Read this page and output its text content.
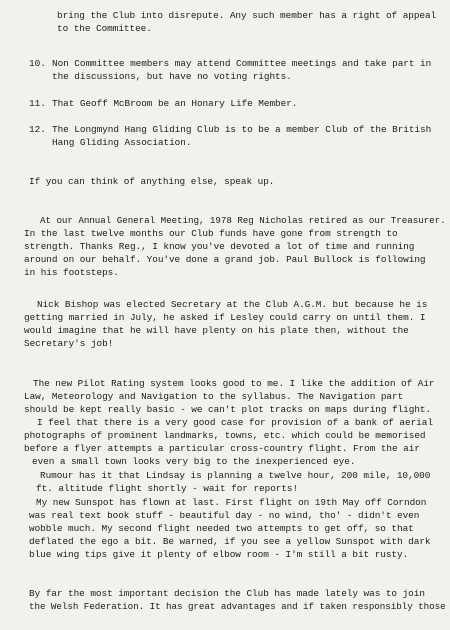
bring the Club into disrepute. Any such member has a right of appeal
to the Committee.
10. Non Committee members may attend Committee meetings and take part in
the discussions, but have no voting rights.
11. That Geoff McBroom be an Honary Life Member.
12. The Longmynd Hang Gliding Club is to be a member Club of the British
Hang Gliding Association.
If you can think of anything else, speak up.
At our Annual General Meeting, 1978 Reg Nicholas retired as our Treasurer.
In the last twelve months our Club funds have gone from strength to
strength. Thanks Reg., I know you've devoted a lot of time and running
around on our behalf. You've done a grand job. Paul Bullock is following
in his footsteps.
Nick Bishop was elected Secretary at the Club A.G.M. but because he is
getting married in July, he asked if Lesley could carry on until them. I
would imagine that he will have plenty on his plate then, without the
Secretary's job!
The new Pilot Rating system looks good to me. I like the addition of Air
Law, Meteorology and Navigation to the syllabus. The Navigation part
should be kept really basic - we can't plot tracks on maps during flight.
I feel that there is a very good case for provision of a bank of aerial
photographs of prominent landmarks, towns, etc. which could be memorised
before a flyer attempts a particular cross-country flight. From the air
even a small town looks very big to the inexperienced eye.
Rumour has it that Lindsay is planning a twelve hour, 200 mile, 10,000
ft. altitude flight shortly - wait for reports!
My new Sunspot has flown at last. First flight on 19th May off Corndon
was real text book stuff - beautiful day - no wind, tho' - didn't even
wobble much. My second flight needed two attempts to get off, so that
deflated the ego a bit. Be warned, if you see a yellow Sunspot with dark
blue wing tips give it plenty of elbow room - I'm still a bit rusty.
By far the most important decision the Club has made lately was to join
the Welsh Federation. It has great advantages and if taken responsibly those
